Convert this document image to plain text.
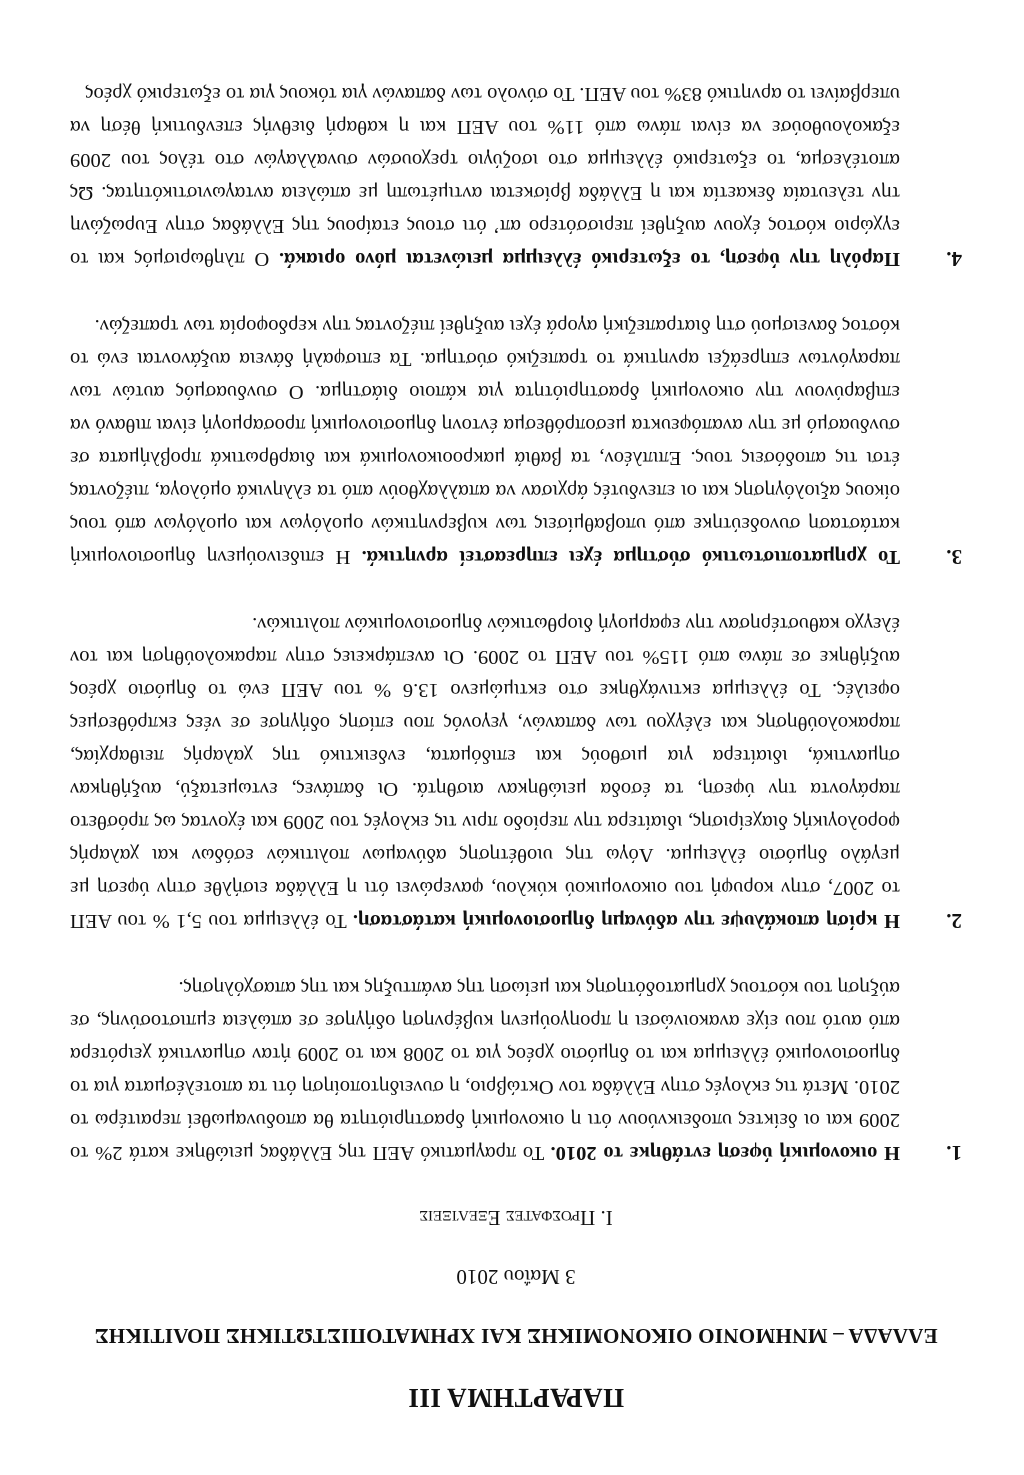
ΠΑΡΑΡΤΗΜΑ ΙΙΙ
ΕΛΛΑΔΑ – ΜΝΗΜΟΝΙΟ ΟΙΚΟΝΟΜΙΚΗΣ ΚΑΙ ΧΡΗΜΑΤΟΠΙΣΤΩΤΙΚΗΣ ΠΟΛΙΤΙΚΗΣ
3 Μαΐου 2010
I. Πρόσφατες Εξελίξεις
1.
Η οικονομική ύφεση εντάθηκε το 2010. Το πραγματικό ΑΕΠ της Ελλάδας μειώθηκε κατά 2% το 2009 και οι δείκτες υποδεικνύουν ότι η οικονομική δραστηριότητα θα αποδυναμωθεί περαιτέρω το 2010. Μετά τις εκλογές στην Ελλάδα τον Οκτώβριο, η συνειδητοποίηση ότι τα αποτελέσματα για το δημοσιονομικό έλλειμμα και το δημόσιο χρέος για το 2008 και το 2009 ήταν σημαντικά χειρότερα από αυτό που είχε ανακοινώσει η προηγούμενη κυβέρνηση οδήγησε σε απώλεια εμπιστοσύνης, σε αύξηση του κόστους χρηματοδότησης και μείωση της ανάπτυξης και της απασχόλησης.
2.
Η κρίση αποκάλυψε την αδύναμη δημοσιονομική κατάσταση. Το έλλειμμα του 5,1 % του ΑΕΠ το 2007, στην κορυφή του οικονομικού κύκλου, φανερώνει ότι η Ελλάδα εισήλθε στην ύφεση με μεγάλο δημόσιο έλλειμμα. Λόγω της υιοθέτησης αδύναμων πολιτικών εσόδων και χαλαρής φορολογικής διαχείρισης, ιδιαίτερα την περίοδο πριν τις εκλογές του 2009 και έχοντας ως πρόσθετο παράγοντα την ύφεση, τα έσοδα μειώθηκαν αισθητά. Οι δαπάνες, εντωμεταξύ, αυξήθηκαν σημαντικά, ιδιαίτερα για μισθούς και επιδόματα, ενδεικτικό της χαλαρής πειθαρχίας, παρακολούθησης και ελέγχου των δαπανών, γεγονός που επίσης οδήγησε σε νέες εκπρόθεσμες οφειλές. Το έλλειμμα εκτινάχθηκε στο εκτιμώμενο 13.6 % του ΑΕΠ ενώ το δημόσιο χρέος αυξήθηκε σε πάνω από 115% του ΑΕΠ το 2009. Οι ανεπάρκειες στην παρακολούθηση και τον έλεγχο καθυστέρησαν την εφαρμογή διορθωτικών δημοσιονομικών πολιτικών.
3.
Το χρηματοπιστωτικό σύστημα έχει επηρεαστεί αρνητικά. Η επιδεινούμενη δημοσιονομική κατάσταση συνοδεύτηκε από υποβαθμίσεις των κυβερνητικών ομολόγων και ομολόγων από τους οίκους αξιολόγησης και οι επενδυτές άρχισαν να απαλλαχθούν από τα ελληνικά ομόλογα, πιέζοντας έτσι τις αποδόσεις τους. Επιπλέον, τα βαθιά μακροοικονομικά και διαρθρωτικά προβλήματα σε συνδυασμό με την αναπόφευκτα μεσοπρόθεσμα έντονη δημοσιονομική προσαρμογή είναι πιθανό να επιβαρύνουν την οικονομική δραστηριότητα για κάποιο διάστημα. Ο συνδυασμός αυτών των παραγόντων επηρεάζει αρνητικά το τραπεζικό σύστημα. Τα επισφαλή δάνεια αυξάνονται ενώ το κόστος δανεισμού στη διατραπεζική αγορά έχει αυξηθεί πιέζοντας την κερδοφορία των τραπεζών.
4.
Παρόλη την ύφεση, το εξωτερικό έλλειμμα μειώνεται μόνο οριακά. Ο πληθωρισμός και το εγχώριο κόστος έχουν αυξηθεί περισσότερο απ’ ότι στους εταίρους της Ελλάδας στην Ευρωζώνη την τελευταία δεκαετία και η Ελλάδα βρίσκεται αντιμέτωπη με απώλεια ανταγωνιστικότητας. Ως αποτέλεσμα, το εξωτερικό έλλειμμα στο ισοζύγιο τρεχουσών συναλλαγών στο τέλος του 2009 εξακολουθούσε να είναι πάνω από 11% του ΑΕΠ και η καθαρή διεθνής επενδυτική θέση να υπερβαίνει το αρνητικό 83% του ΑΕΠ. Το σύνολο των δαπανών για τόκους για το εξωτερικό χρέος
